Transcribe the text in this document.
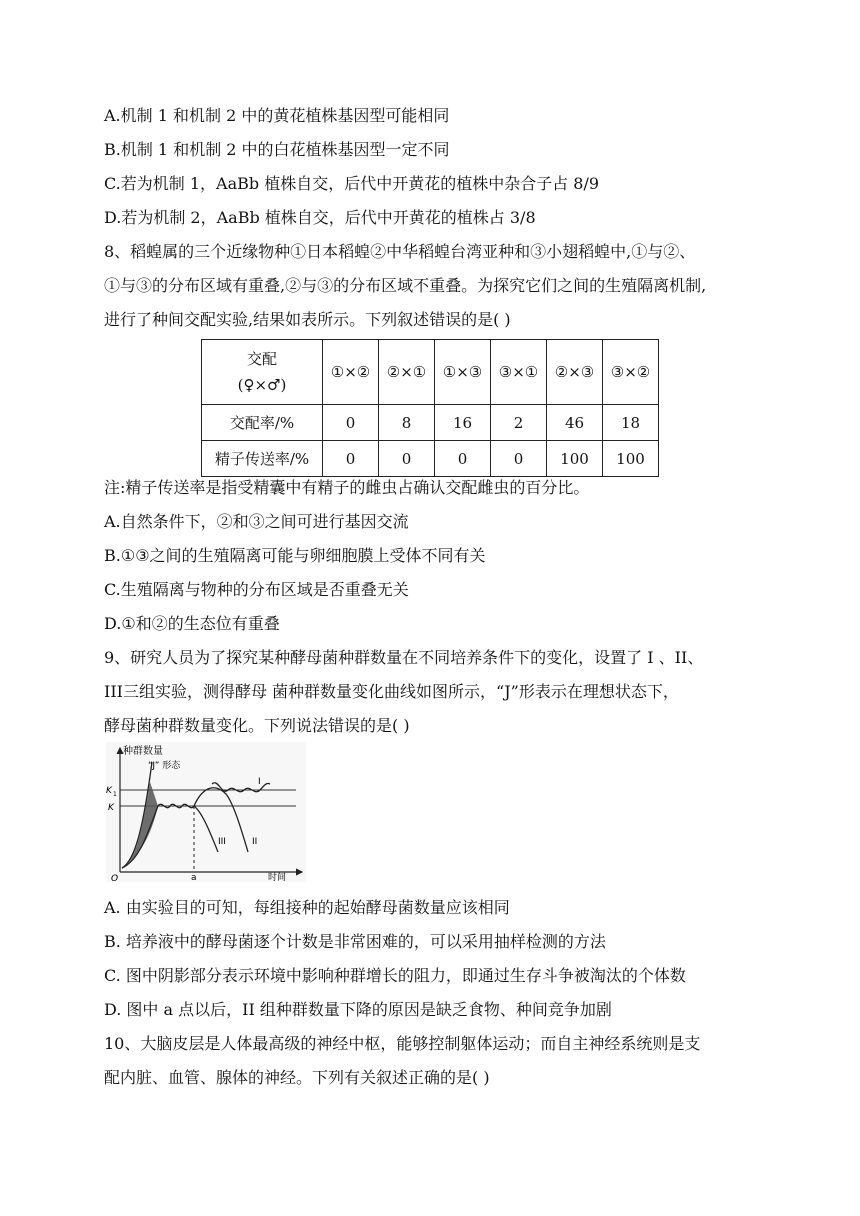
A.机制 1 和机制 2 中的黄花植株基因型可能相同
B.机制 1 和机制 2 中的白花植株基因型一定不同
C.若为机制 1，AaBb 植株自交，后代中开黄花的植株中杂合子占 8/9
D.若为机制 2，AaBb 植株自交，后代中开黄花的植株占 3/8
8、稻蝗属的三个近缘物种①日本稻蝗②中华稻蝗台湾亚种和③小翅稻蝗中,①与②、
①与③的分布区域有重叠,②与③的分布区域不重叠。为探究它们之间的生殖隔离机制,
进行了种间交配实验,结果如表所示。下列叙述错误的是( )
交配
(♀×♂)	①×②	②×①	①×③	③×①	②×③	③×②
交配率/%	0	8	16	2	46	18
精子传送率/%	0	0	0	0	100	100
注:精子传送率是指受精囊中有精子的雌虫占确认交配雌虫的百分比。
A.自然条件下，②和③之间可进行基因交流
B.①③之间的生殖隔离可能与卵细胞膜上受体不同有关
C.生殖隔离与物种的分布区域是否重叠无关
D.①和②的生态位有重叠
9、研究人员为了探究某种酵母菌种群数量在不同培养条件下的变化，设置了 I 、II、
III三组实验，测得酵母 菌种群数量变化曲线如图所示，“J”形表示在理想状态下，
酵母菌种群数量变化。下列说法错误的是( )
种群数量
“J” 形态
K 1
K
O	a	时间
I
II
III
A. 由实验目的可知，每组接种的起始酵母菌数量应该相同
B. 培养液中的酵母菌逐个计数是非常困难的，可以采用抽样检测的方法
C. 图中阴影部分表示环境中影响种群增长的阻力，即通过生存斗争被淘汰的个体数
D. 图中 a 点以后，II 组种群数量下降的原因是缺乏食物、种间竞争加剧
10、大脑皮层是人体最高级的神经中枢，能够控制躯体运动；而自主神经系统则是支
配内脏、血管、腺体的神经。下列有关叙述正确的是( )
